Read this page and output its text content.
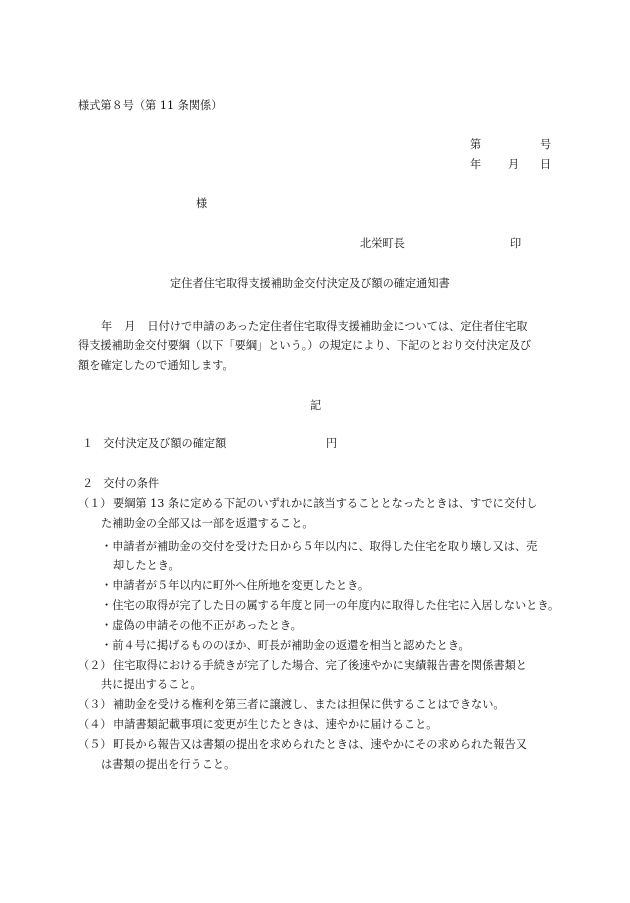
様式第８号（第 11 条関係）
第	号
年 月 日
様
北栄町長	印
定住者住宅取得支援補助金交付決定及び額の確定通知書
年 月 日付けで申請のあった定住者住宅取得支援補助金については、定住者住宅取
得支援補助金交付要綱（以下「要綱」という。）の規定により、下記のとおり交付決定及び
額を確定したので通知します。
記
１ 交付決定及び額の確定額	円
２ 交付の条件
（１） 要綱第 13 条に定める下記のいずれかに該当することとなったときは、すでに交付し
た補助金の全部又は一部を返還すること。
・申請者が補助金の交付を受けた日から５年以内に、取得した住宅を取り壊し又は、売
却したとき。
・申請者が５年以内に町外へ住所地を変更したとき。
・住宅の取得が完了した日の属する年度と同一の年度内に取得した住宅に入居しないとき。
・虚偽の申請その他不正があったとき。
・前４号に掲げるもののほか、町長が補助金の返還を相当と認めたとき。
（２） 住宅取得における手続きが完了した場合、完了後速やかに実績報告書を関係書類と
共に提出すること。
（３） 補助金を受ける権利を第三者に譲渡し、または担保に供することはできない。
（４） 申請書類記載事項に変更が生じたときは、速やかに届けること。
（５） 町長から報告又は書類の提出を求められたときは、速やかにその求められた報告又
は書類の提出を行うこと。
